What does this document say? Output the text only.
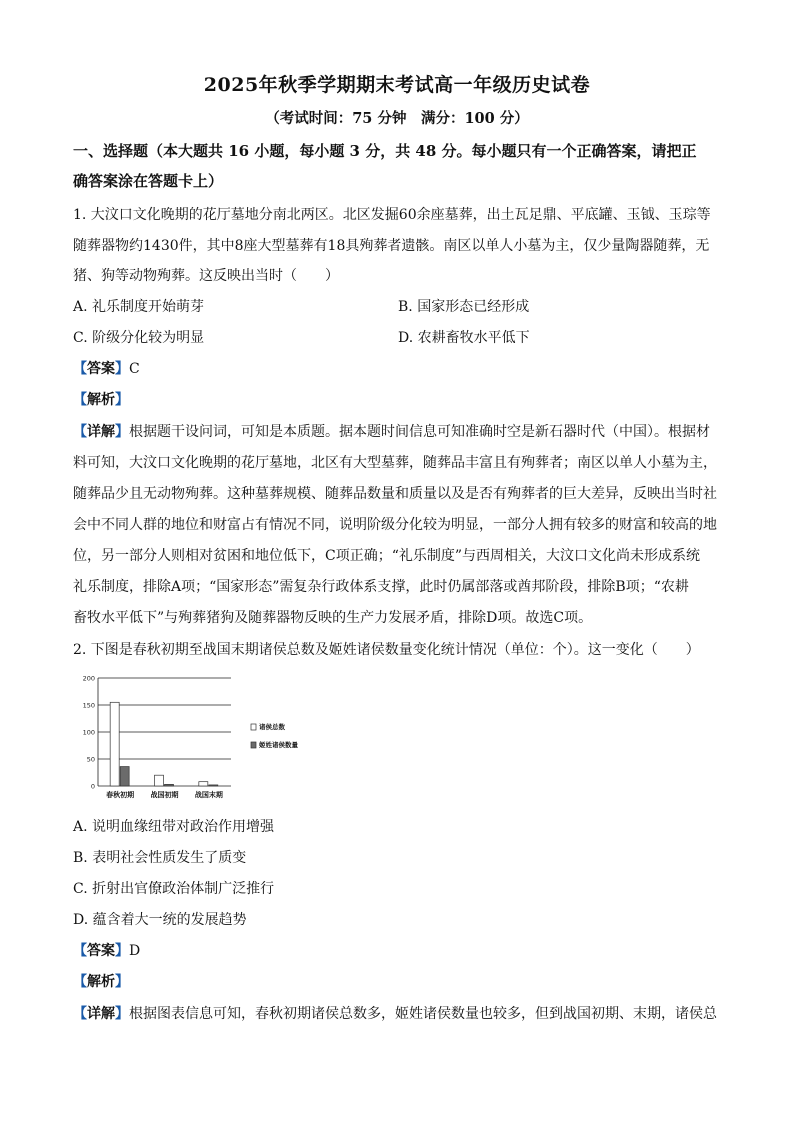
2025年秋季学期期末考试高一年级历史试卷
（考试时间：75 分钟　满分：100 分）
一、选择题（本大题共 16 小题，每小题 3 分，共 48 分。每小题只有一个正确答案，请把正
确答案涂在答题卡上）
1. 大汶口文化晚期的花厅墓地分南北两区。北区发掘60余座墓葬，出土瓦足鼎、平底罐、玉钺、玉琮等
随葬器物约1430件，其中8座大型墓葬有18具殉葬者遗骸。南区以单人小墓为主，仅少量陶器随葬，无
猪、狗等动物殉葬。这反映出当时（　　）
A. 礼乐制度开始萌芽	B. 国家形态已经形成
C. 阶级分化较为明显	D. 农耕畜牧水平低下
【答案】C
【解析】
【详解】根据题干设问词，可知是本质题。据本题时间信息可知准确时空是新石器时代（中国）。根据材
料可知，大汶口文化晚期的花厅墓地，北区有大型墓葬，随葬品丰富且有殉葬者；南区以单人小墓为主，
随葬品少且无动物殉葬。这种墓葬规模、随葬品数量和质量以及是否有殉葬者的巨大差异，反映出当时社
会中不同人群的地位和财富占有情况不同，说明阶级分化较为明显，一部分人拥有较多的财富和较高的地
位，另一部分人则相对贫困和地位低下，C项正确；“礼乐制度”与西周相关，大汶口文化尚未形成系统
礼乐制度，排除A项；“国家形态”需复杂行政体系支撑，此时仍属部落或酋邦阶段，排除B项；“农耕
畜牧水平低下”与殉葬猪狗及随葬器物反映的生产力发展矛盾，排除D项。故选C项。
2. 下图是春秋初期至战国末期诸侯总数及姬姓诸侯数量变化统计情况（单位：个）。这一变化（　　）
0
50
100
150
200
春秋初期 战国初期 战国末期
诸侯总数
姬姓诸侯数量
A. 说明血缘纽带对政治作用增强
B. 表明社会性质发生了质变
C. 折射出官僚政治体制广泛推行
D. 蕴含着大一统的发展趋势
【答案】D
【解析】
【详解】根据图表信息可知，春秋初期诸侯总数多，姬姓诸侯数量也较多，但到战国初期、末期，诸侯总
